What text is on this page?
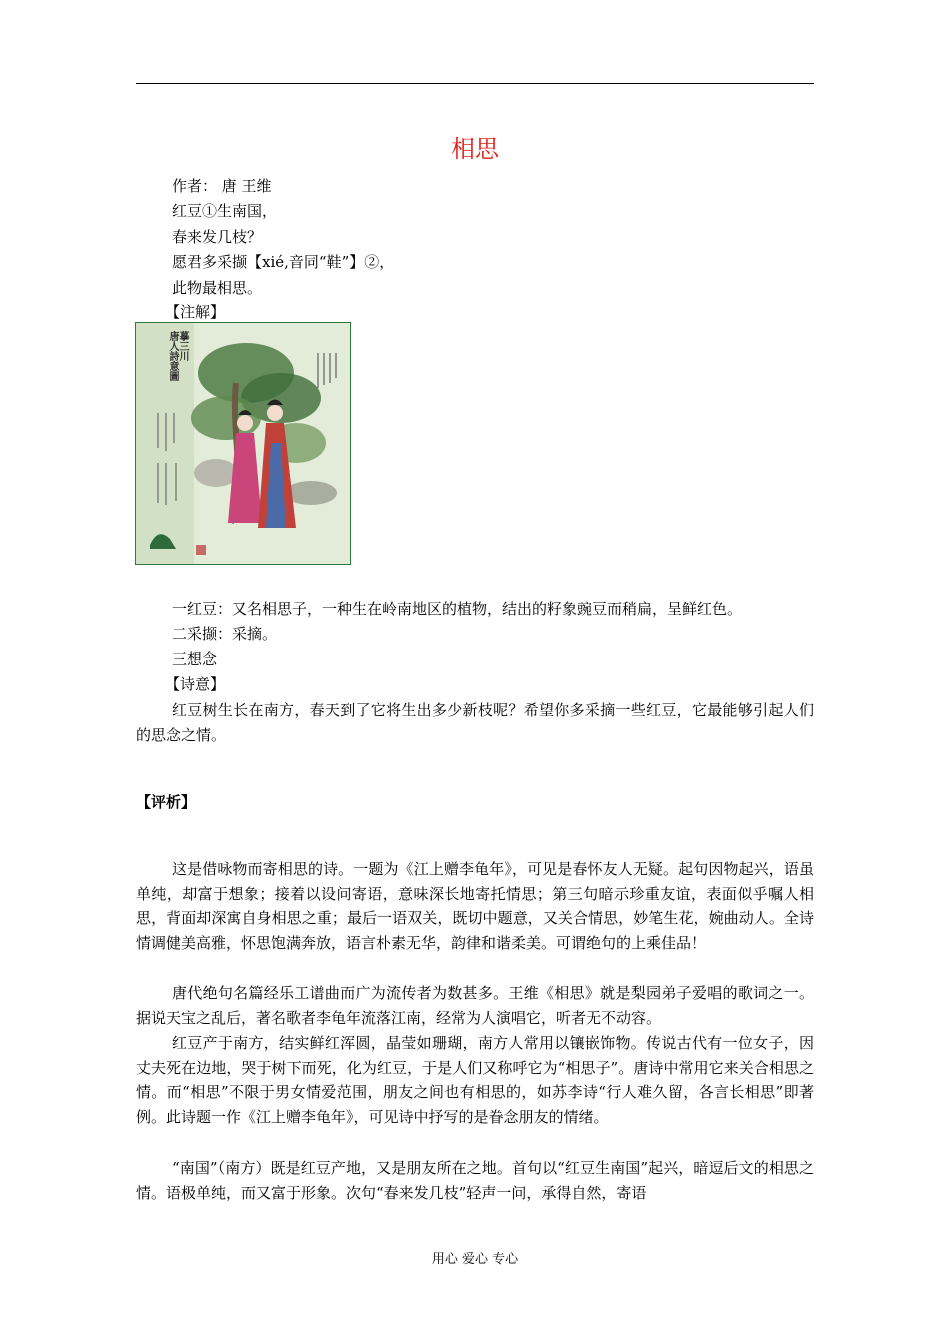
相思
作者： 唐 王维
红豆①生南国，
春来发几枝？
愿君多采撷【xié,音同“鞋”】②，
此物最相思。
【注解】
摹三川
唐人詩意圖
一红豆：又名相思子，一种生在岭南地区的植物，结出的籽象豌豆而稍扁，呈鲜红色。
二采撷：采摘。
三想念
【诗意】
红豆树生长在南方，春天到了它将生出多少新枝呢？希望你多采摘一些红豆，它最能够引起人们的思念之情。
【评析】
这是借咏物而寄相思的诗。一题为《江上赠李龟年》，可见是春怀友人无疑。起句因物起兴，语虽单纯，却富于想象；接着以设问寄语，意味深长地寄托情思；第三句暗示珍重友谊，表面似乎嘱人相思，背面却深寓自身相思之重；最后一语双关，既切中题意，又关合情思，妙笔生花，婉曲动人。全诗情调健美高雅，怀思饱满奔放，语言朴素无华，韵律和谐柔美。可谓绝句的上乘佳品！
唐代绝句名篇经乐工谱曲而广为流传者为数甚多。王维《相思》就是梨园弟子爱唱的歌词之一。据说天宝之乱后，著名歌者李龟年流落江南，经常为人演唱它，听者无不动容。
红豆产于南方，结实鲜红浑圆，晶莹如珊瑚，南方人常用以镶嵌饰物。传说古代有一位女子，因丈夫死在边地，哭于树下而死，化为红豆，于是人们又称呼它为“相思子”。唐诗中常用它来关合相思之情。而“相思”不限于男女情爱范围，朋友之间也有相思的，如苏李诗“行人难久留，各言长相思”即著例。此诗题一作《江上赠李龟年》，可见诗中抒写的是眷念朋友的情绪。
“南国”（南方）既是红豆产地，又是朋友所在之地。首句以“红豆生南国”起兴，暗逗后文的相思之情。语极单纯，而又富于形象。次句“春来发几枝”轻声一问，承得自然，寄语
用心 爱心 专心
